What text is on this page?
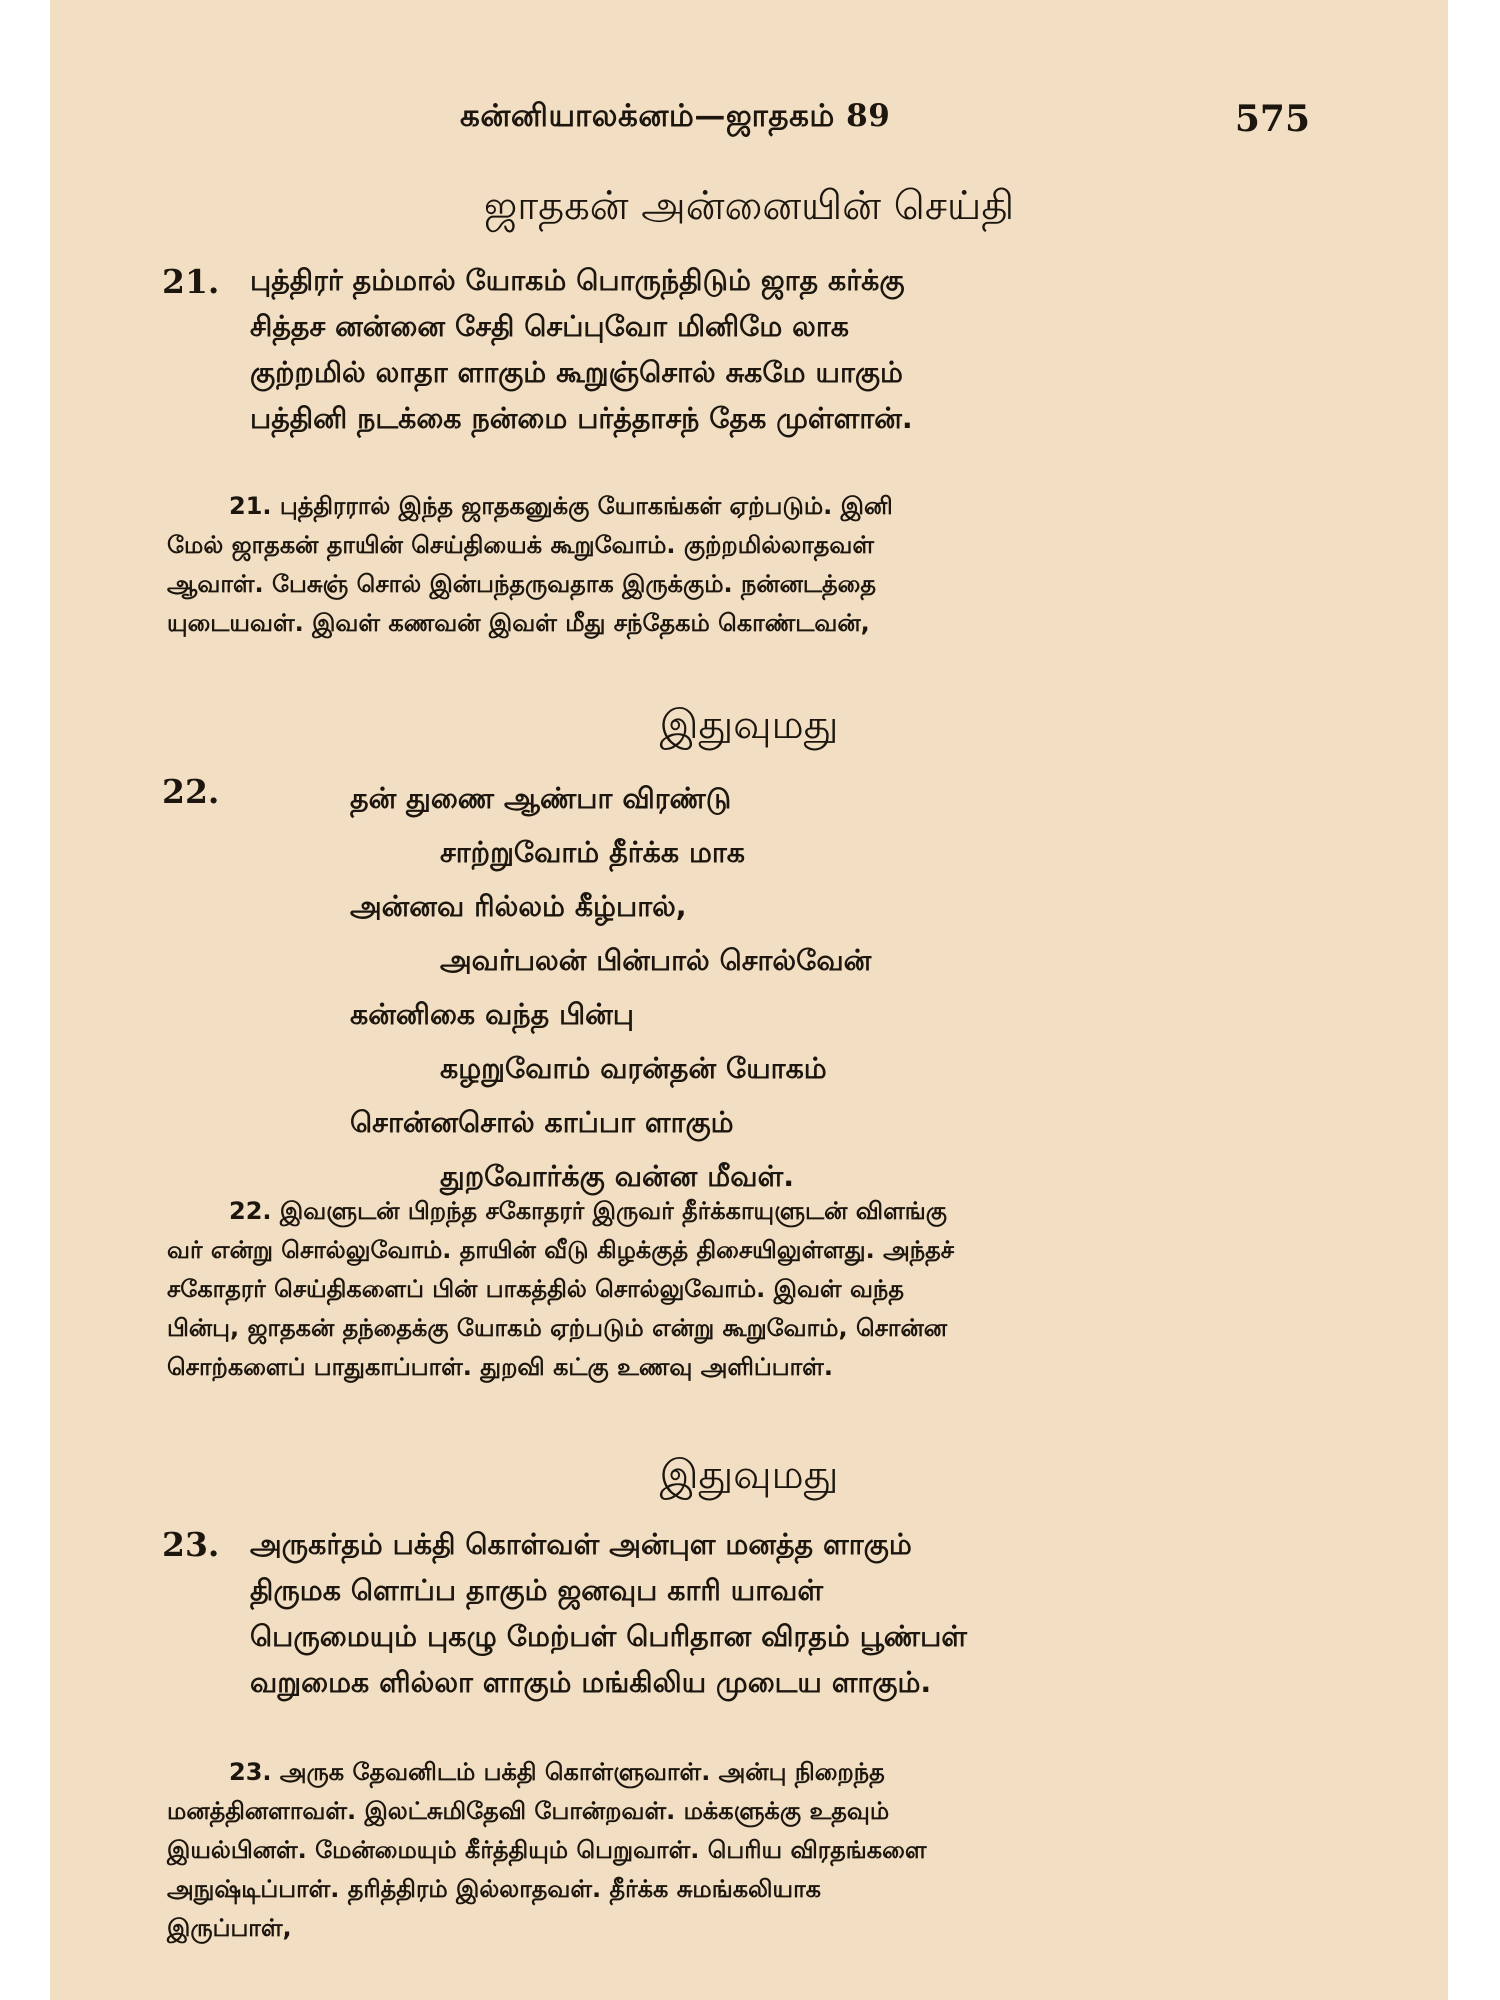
கன்னியாலக்னம்—ஜாதகம் 89	575
ஜாதகன் அன்னையின் செய்தி
21. புத்திரர் தம்மால் யோகம் பொருந்திடும் ஜாத கர்க்கு
சித்தச னன்னை சேதி செப்புவோ மினிமே லாக
குற்றமில் லாதா ளாகும் கூறுஞ்சொல் சுகமே யாகும்
பத்தினி நடக்கை நன்மை பர்த்தாசந் தேக முள்ளான்.
21. புத்திரரால் இந்த ஜாதகனுக்கு யோகங்கள் ஏற்படும். இனி
மேல் ஜாதகன் தாயின் செய்தியைக் கூறுவோம். குற்றமில்லாதவள்
ஆவாள். பேசுஞ் சொல் இன்பந்தருவதாக இருக்கும். நன்னடத்தை
யுடையவள். இவள் கணவன் இவள் மீது சந்தேகம் கொண்டவன்,
இதுவுமது
22.	தன் துணை ஆண்பா விரண்டு
சாற்றுவோம் தீர்க்க மாக
அன்னவ ரில்லம் கீழ்பால்,
அவர்பலன் பின்பால் சொல்வேன்
கன்னிகை வந்த பின்பு
கழறுவோம் வரன்தன் யோகம்
சொன்னசொல் காப்பா ளாகும்
துறவோர்க்கு வன்ன மீவள்.
22. இவளுடன் பிறந்த சகோதரர் இருவர் தீர்க்காயுளுடன் விளங்கு
வர் என்று சொல்லுவோம். தாயின் வீடு கிழக்குத் திசையிலுள்ளது. அந்தச்
சகோதரர் செய்திகளைப் பின் பாகத்தில் சொல்லுவோம். இவள் வந்த
பின்பு, ஜாதகன் தந்தைக்கு யோகம் ஏற்படும் என்று கூறுவோம், சொன்ன
சொற்களைப் பாதுகாப்பாள். துறவி கட்கு உணவு அளிப்பாள்.
இதுவுமது
23. அருகர்தம் பக்தி கொள்வள் அன்புள மனத்த ளாகும்
திருமக ளொப்ப தாகும் ஜனவுப காரி யாவள்
பெருமையும் புகழு மேற்பள் பெரிதான விரதம் பூண்பள்
வறுமைக ளில்லா ளாகும் மங்கிலிய முடைய ளாகும்.
23. அருக தேவனிடம் பக்தி கொள்ளுவாள். அன்பு நிறைந்த
மனத்தினளாவள். இலட்சுமிதேவி போன்றவள். மக்களுக்கு உதவும்
இயல்பினள். மேன்மையும் கீர்த்தியும் பெறுவாள். பெரிய விரதங்களை
அநுஷ்டிப்பாள். தரித்திரம் இல்லாதவள். தீர்க்க சுமங்கலியாக
இருப்பாள்,
